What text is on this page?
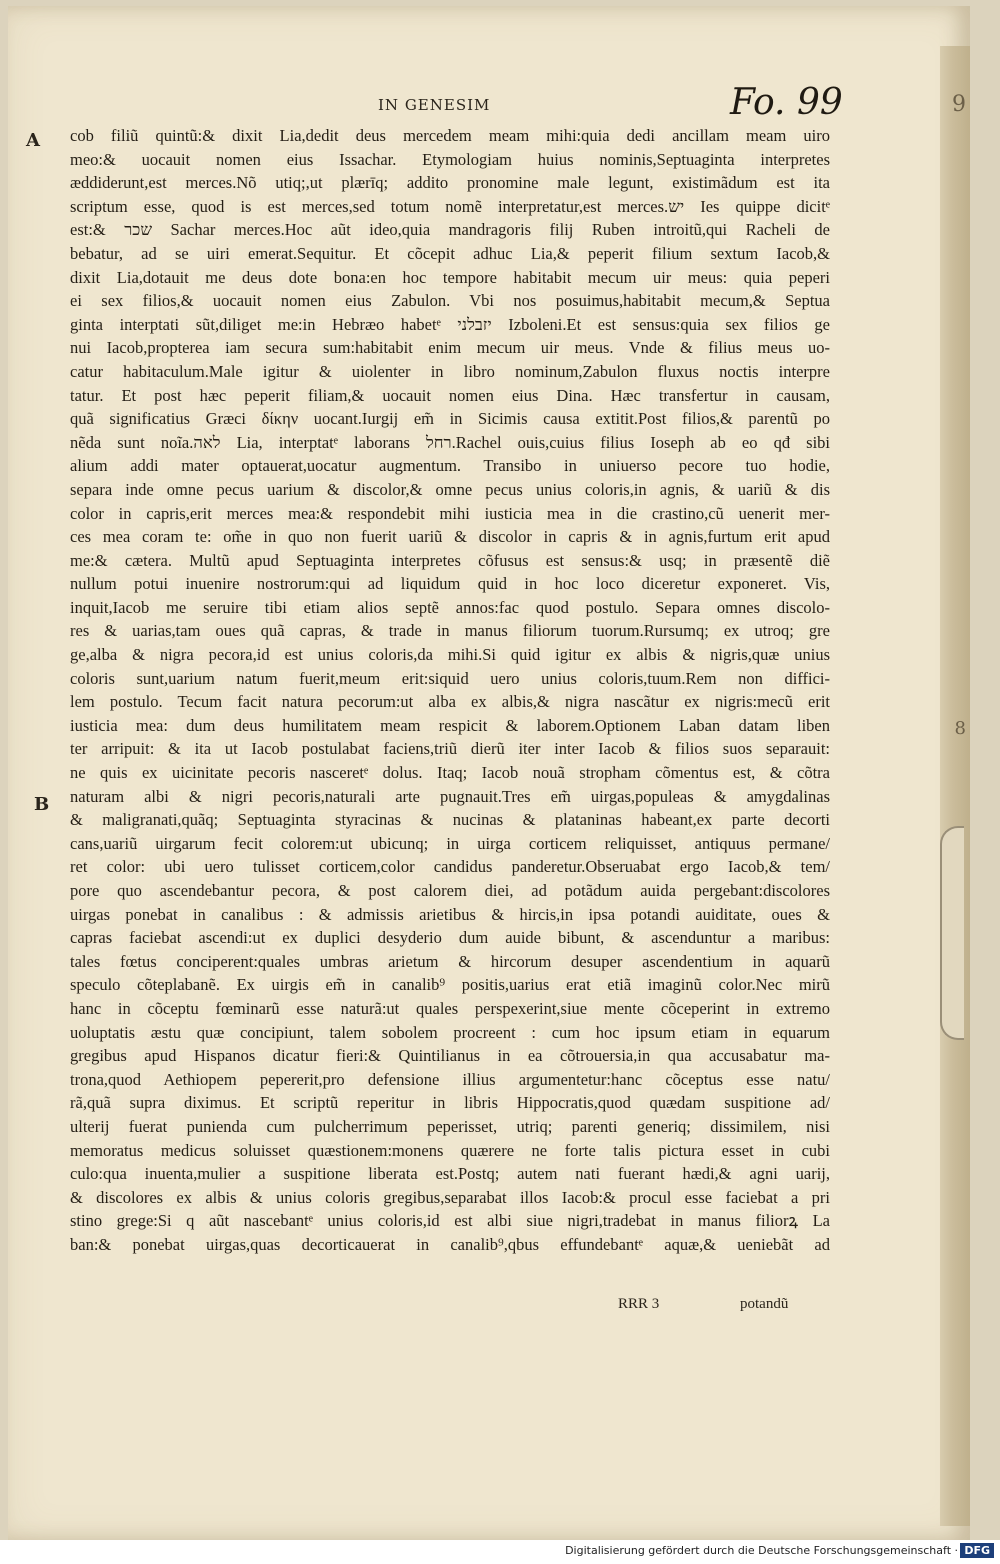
9
8
IN GENESIM	Fo. 99
A
B
cob filiũ quintũ:& dixit Lia,dedit deus mercedem meam mihi:quia dedi ancillam meam uiro
meo:& uocauit nomen eius Issachar. Etymologiam huius nominis,Septuaginta interpretes
æddiderunt,est merces.Nõ utiq;,ut plærīq; addito pronomine male legunt, existimãdum est ita
scriptum esse, quod is est merces,sed totum nomẽ interpretatur,est merces.יש Ies quippe dicitᵉ
est:& שכר Sachar merces.Hoc aũt ideo,quia mandragoris filij Ruben introitũ,qui Racheli de
bebatur, ad se uiri emerat.Sequitur. Et cõcepit adhuc Lia,& peperit filium sextum Iacob,&
dixit Lia,dotauit me deus dote bona:en hoc tempore habitabit mecum uir meus: quia peperi
ei sex filios,& uocauit nomen eius Zabulon. Vbi nos posuimus,habitabit mecum,& Septua
ginta interptati sũt,diliget me:in Hebræo habetᵉ יזבלני Izboleni.Et est sensus:quia sex filios ge
nui Iacob,propterea iam secura sum:habitabit enim mecum uir meus. Vnde & filius meus uo-
catur habitaculum.Male igitur & uiolenter in libro nominum,Zabulon fluxus noctis interpre
tatur. Et post hæc peperit filiam,& uocauit nomen eius Dina. Hæc transfertur in causam,
quã significatius Græci δίκην uocant.Iurgij em̃ in Sicimis causa extitit.Post filios,& parentũ po
nẽda sunt noĩa.לאה Lia, interptatᵉ laborans רחל.Rachel ouis,cuius filius Ioseph ab eo qđ sibi
alium addi mater optauerat,uocatur augmentum. Transibo in uniuerso pecore tuo hodie,
separa inde omne pecus uarium & discolor,& omne pecus unius coloris,in agnis, & uariũ & dis
color in capris,erit merces mea:& respondebit mihi iusticia mea in die crastino,cũ uenerit mer-
ces mea coram te: om̃e in quo non fuerit uariũ & discolor in capris & in agnis,furtum erit apud
me:& cætera. Multũ apud Septuaginta interpretes cõfusus est sensus:& usq; in præsentẽ diẽ
nullum potui inuenire nostrorum:qui ad liquidum quid in hoc loco diceretur exponeret. Vis,
inquit,Iacob me seruire tibi etiam alios septẽ annos:fac quod postulo. Separa omnes discolo-
res & uarias,tam oues quã capras, & trade in manus filiorum tuorum.Rursumq; ex utroq; gre
ge,alba & nigra pecora,id est unius coloris,da mihi.Si quid igitur ex albis & nigris,quæ unius
coloris sunt,uarium natum fuerit,meum erit:siquid uero unius coloris,tuum.Rem non diffici-
lem postulo. Tecum facit natura pecorum:ut alba ex albis,& nigra nascãtur ex nigris:mecũ erit
iusticia mea: dum deus humilitatem meam respicit & laborem.Optionem Laban datam liben
ter arripuit: & ita ut Iacob postulabat faciens,triũ dierũ iter inter Iacob & filios suos separauit:
ne quis ex uicinitate pecoris nasceretᵉ dolus. Itaq; Iacob nouã stropham cõmentus est, & cõtra
naturam albi & nigri pecoris,naturali arte pugnauit.Tres em̃ uirgas,populeas & amygdalinas
& maligranati,quãq; Septuaginta styracinas & nucinas & plataninas habeant,ex parte decorti
cans,uariũ uirgarum fecit colorem:ut ubicunq; in uirga corticem reliquisset, antiquus permane/
ret color: ubi uero tulisset corticem,color candidus panderetur.Obseruabat ergo Iacob,& tem/
pore quo ascendebantur pecora, & post calorem diei, ad potãdum auida pergebant:discolores
uirgas ponebat in canalibus : & admissis arietibus & hircis,in ipsa potandi auiditate, oues &
capras faciebat ascendi:ut ex duplici desyderio dum auide bibunt, & ascenduntur a maribus:
tales fœtus conciperent:quales umbras arietum & hircorum desuper ascendentium in aquarũ
speculo cõteplabanẽ. Ex uirgis em̃ in canalib⁹ positis,uarius erat etiã imaginũ color.Nec mirũ
hanc in cõceptu fœminarũ esse naturã:ut quales perspexerint,siue mente cõceperint in extremo
uoluptatis æstu quæ concipiunt, talem sobolem procreent : cum hoc ipsum etiam in equarum
gregibus apud Hispanos dicatur fieri:& Quintilianus in ea cõtrouersia,in qua accusabatur ma-
trona,quod Aethiopem pepererit,pro defensione illius argumentetur:hanc cõceptus esse natu/
rã,quã supra diximus. Et scriptũ reperitur in libris Hippocratis,quod quædam suspitione ad/
ulterij fuerat punienda cum pulcherrimum peperisset, utriq; parenti generiq; dissimilem, nisi
memoratus medicus soluisset quæstionem:monens quærere ne forte talis pictura esset in cubi
culo:qua inuenta,mulier a suspitione liberata est.Postq; autem nati fuerant hædi,& agni uarij,
& discolores ex albis & unius coloris gregibus,separabat illos Iacob:& procul esse faciebat a pri
stino grege:Si q aũt nascebantᵉ unius coloris,id est albi siue nigri,tradebat in manus filiorꝝ La
ban:& ponebat uirgas,quas decorticauerat in canalib⁹,qbus effundebantᵉ aquæ,& ueniebãt ad
RRR 3	potandũ
Digitalisierung gefördert durch die Deutsche Forschungsgemeinschaft · DFG
